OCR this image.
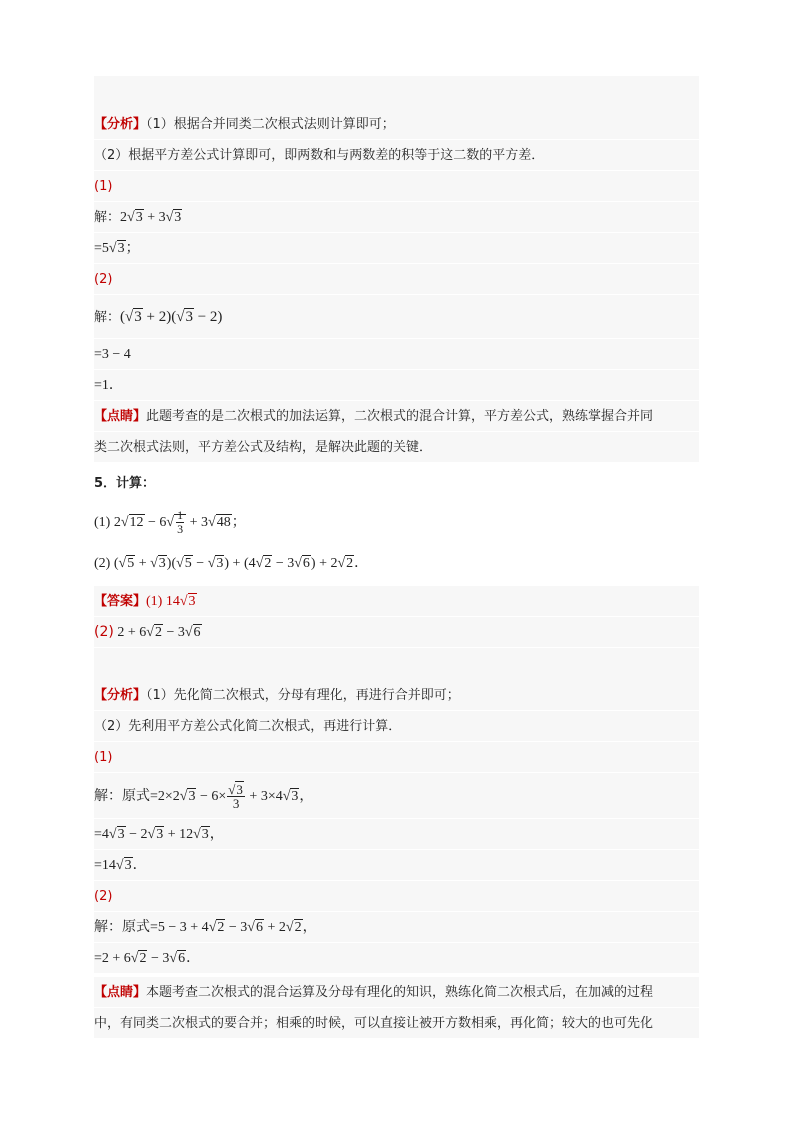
【分析】（1）根据合并同类二次根式法则计算即可；
（2）根据平方差公式计算即可，即两数和与两数差的积等于这二数的平方差．
(1)
解：2√3 + 3√3
=5√3；
(2)
解：(√3 + 2)(√3 − 2)
=3 − 4
=1．
【点睛】此题考查的是二次根式的加法运算，二次根式的混合计算，平方差公式，熟练掌握合并同
类二次根式法则，平方差公式及结构，是解决此题的关键．
5．计算：
(1) $2√12 - 6√ \frac{1}{3} + 3√48$；
(2) (√5 + √3)(√5 − √3) + (4√2 − 3√6) + 2√2．
【答案】(1) 14√3
(2) 2 + 6√2 − 3√6
【分析】（1）先化简二次根式，分母有理化，再进行合并即可；
（2）先利用平方差公式化简二次根式，再进行计算．
(1)
解：原式$=2\times 2√3 - 6\times \frac{√3}{3} + 3\times 4√3$，
=4√3 − 2√3 + 12√3，
=14√3．
(2)
解：原式=5 − 3 + 4√2 − 3√6 + 2√2，
=2 + 6√2 − 3√6．
【点睛】本题考查二次根式的混合运算及分母有理化的知识，熟练化简二次根式后，在加减的过程
中，有同类二次根式的要合并；相乘的时候，可以直接让被开方数相乘，再化简；较大的也可先化
